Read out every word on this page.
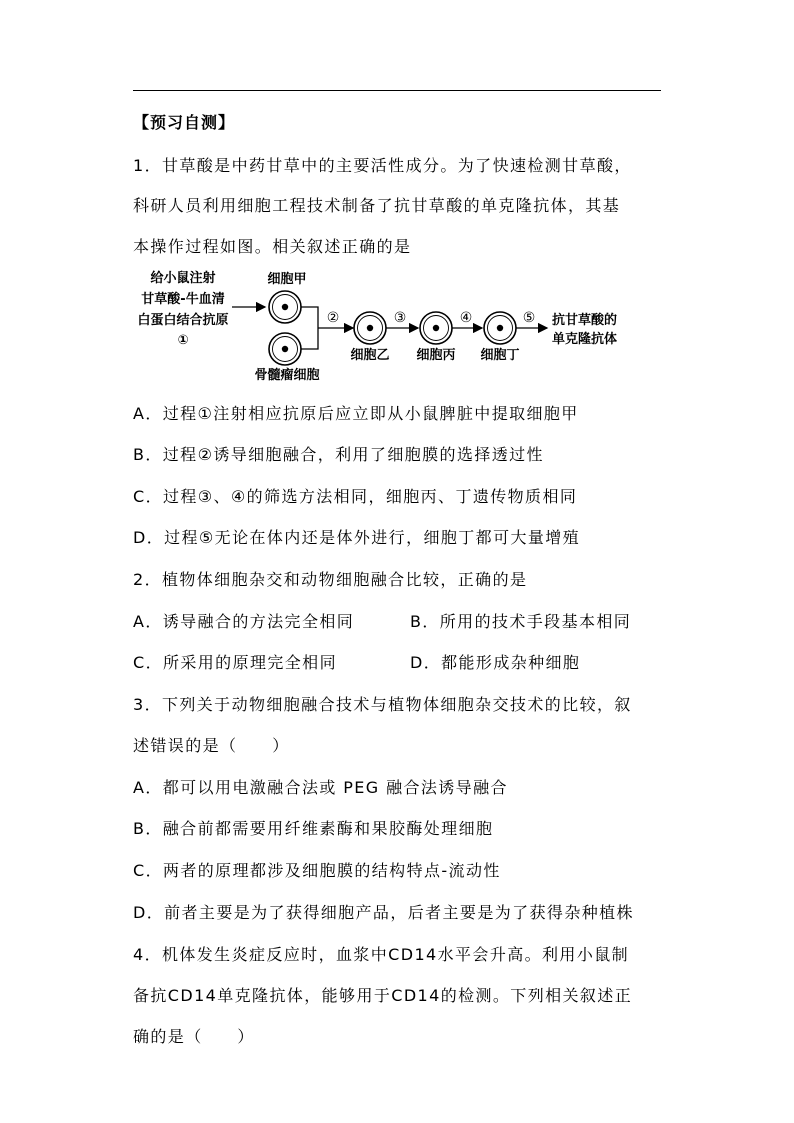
【预习自测】
1．甘草酸是中药甘草中的主要活性成分。为了快速检测甘草酸，
科研人员利用细胞工程技术制备了抗甘草酸的单克隆抗体，其基
本操作过程如图。相关叙述正确的是
给小鼠注射
甘草酸-牛血清
白蛋白结合抗原
①
细胞甲
骨髓瘤细胞
②
细胞乙
③
细胞丙
④
细胞丁
⑤ 抗甘草酸的
单克隆抗体
A．过程①注射相应抗原后应立即从小鼠脾脏中提取细胞甲
B．过程②诱导细胞融合，利用了细胞膜的选择透过性
C．过程③、④的筛选方法相同，细胞丙、丁遗传物质相同
D．过程⑤无论在体内还是体外进行，细胞丁都可大量增殖
2．植物体细胞杂交和动物细胞融合比较，正确的是
A．诱导融合的方法完全相同	B．所用的技术手段基本相同
C．所采用的原理完全相同	D．都能形成杂种细胞
3．下列关于动物细胞融合技术与植物体细胞杂交技术的比较，叙
述错误的是（　　）
A．都可以用电激融合法或 PEG 融合法诱导融合
B．融合前都需要用纤维素酶和果胶酶处理细胞
C．两者的原理都涉及细胞膜的结构特点-流动性
D．前者主要是为了获得细胞产品，后者主要是为了获得杂种植株
4．机体发生炎症反应时，血浆中CD14水平会升高。利用小鼠制
备抗CD14单克隆抗体，能够用于CD14的检测。下列相关叙述正
确的是（　　）
